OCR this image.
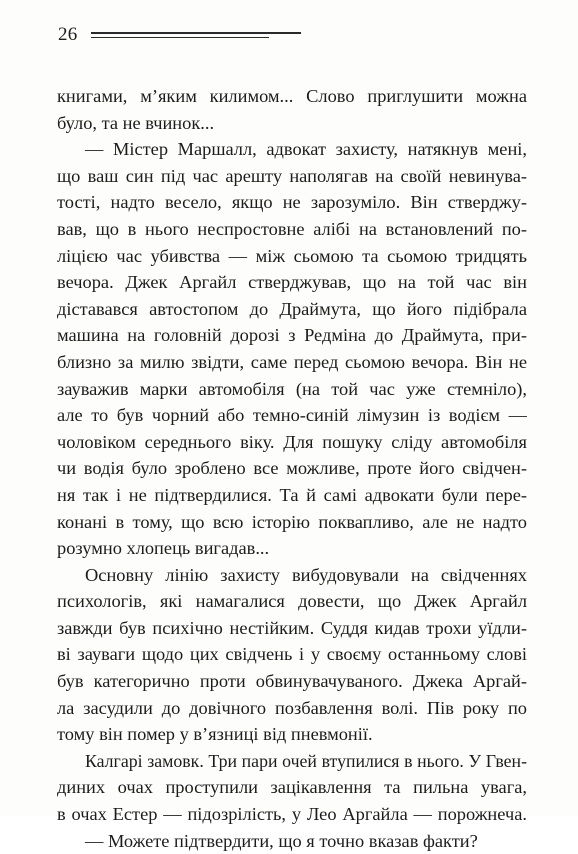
26
книгами, м’яким килимом... Слово приглушити можна
було, та не вчинок...
— Містер Маршалл, адвокат захисту, натякнув мені,
що ваш син під час арешту наполягав на своїй невинува-
тості, надто весело, якщо не зарозуміло. Він стверджу-
вав, що в нього неспростовне алібі на встановлений по-
ліцією час убивства — між сьомою та сьомою тридцять
вечора. Джек Аргайл стверджував, що на той час він
діставався автостопом до Драймута, що його підібрала
машина на головній дорозі з Редміна до Драймута, при-
близно за милю звідти, саме перед сьомою вечора. Він не
зауважив марки автомобіля (на той час уже стемніло),
але то був чорний або темно-синій лімузин із водієм —
чоловіком середнього віку. Для пошуку сліду автомобіля
чи водія було зроблено все можливе, проте його свідчен-
ня так і не підтвердилися. Та й самі адвокати були пере-
конані в тому, що всю історію поквапливо, але не надто
розумно хлопець вигадав...
Основну лінію захисту вибудовували на свідченнях
психологів, які намагалися довести, що Джек Аргайл
завжди був психічно нестійким. Суддя кидав трохи уїдли-
ві зауваги щодо цих свідчень і у своєму останньому слові
був категорично проти обвинувачуваного. Джека Аргай-
ла засудили до довічного позбавлення волі. Пів року по
тому він помер у в’язниці від пневмонії.
Калгарі замовк. Три пари очей втупилися в нього. У Гвен-
диних очах проступили зацікавлення та пильна увага,
в очах Естер — підозрілість, у Лео Аргайла — порожнеча.
— Можете підтвердити, що я точно вказав факти?
